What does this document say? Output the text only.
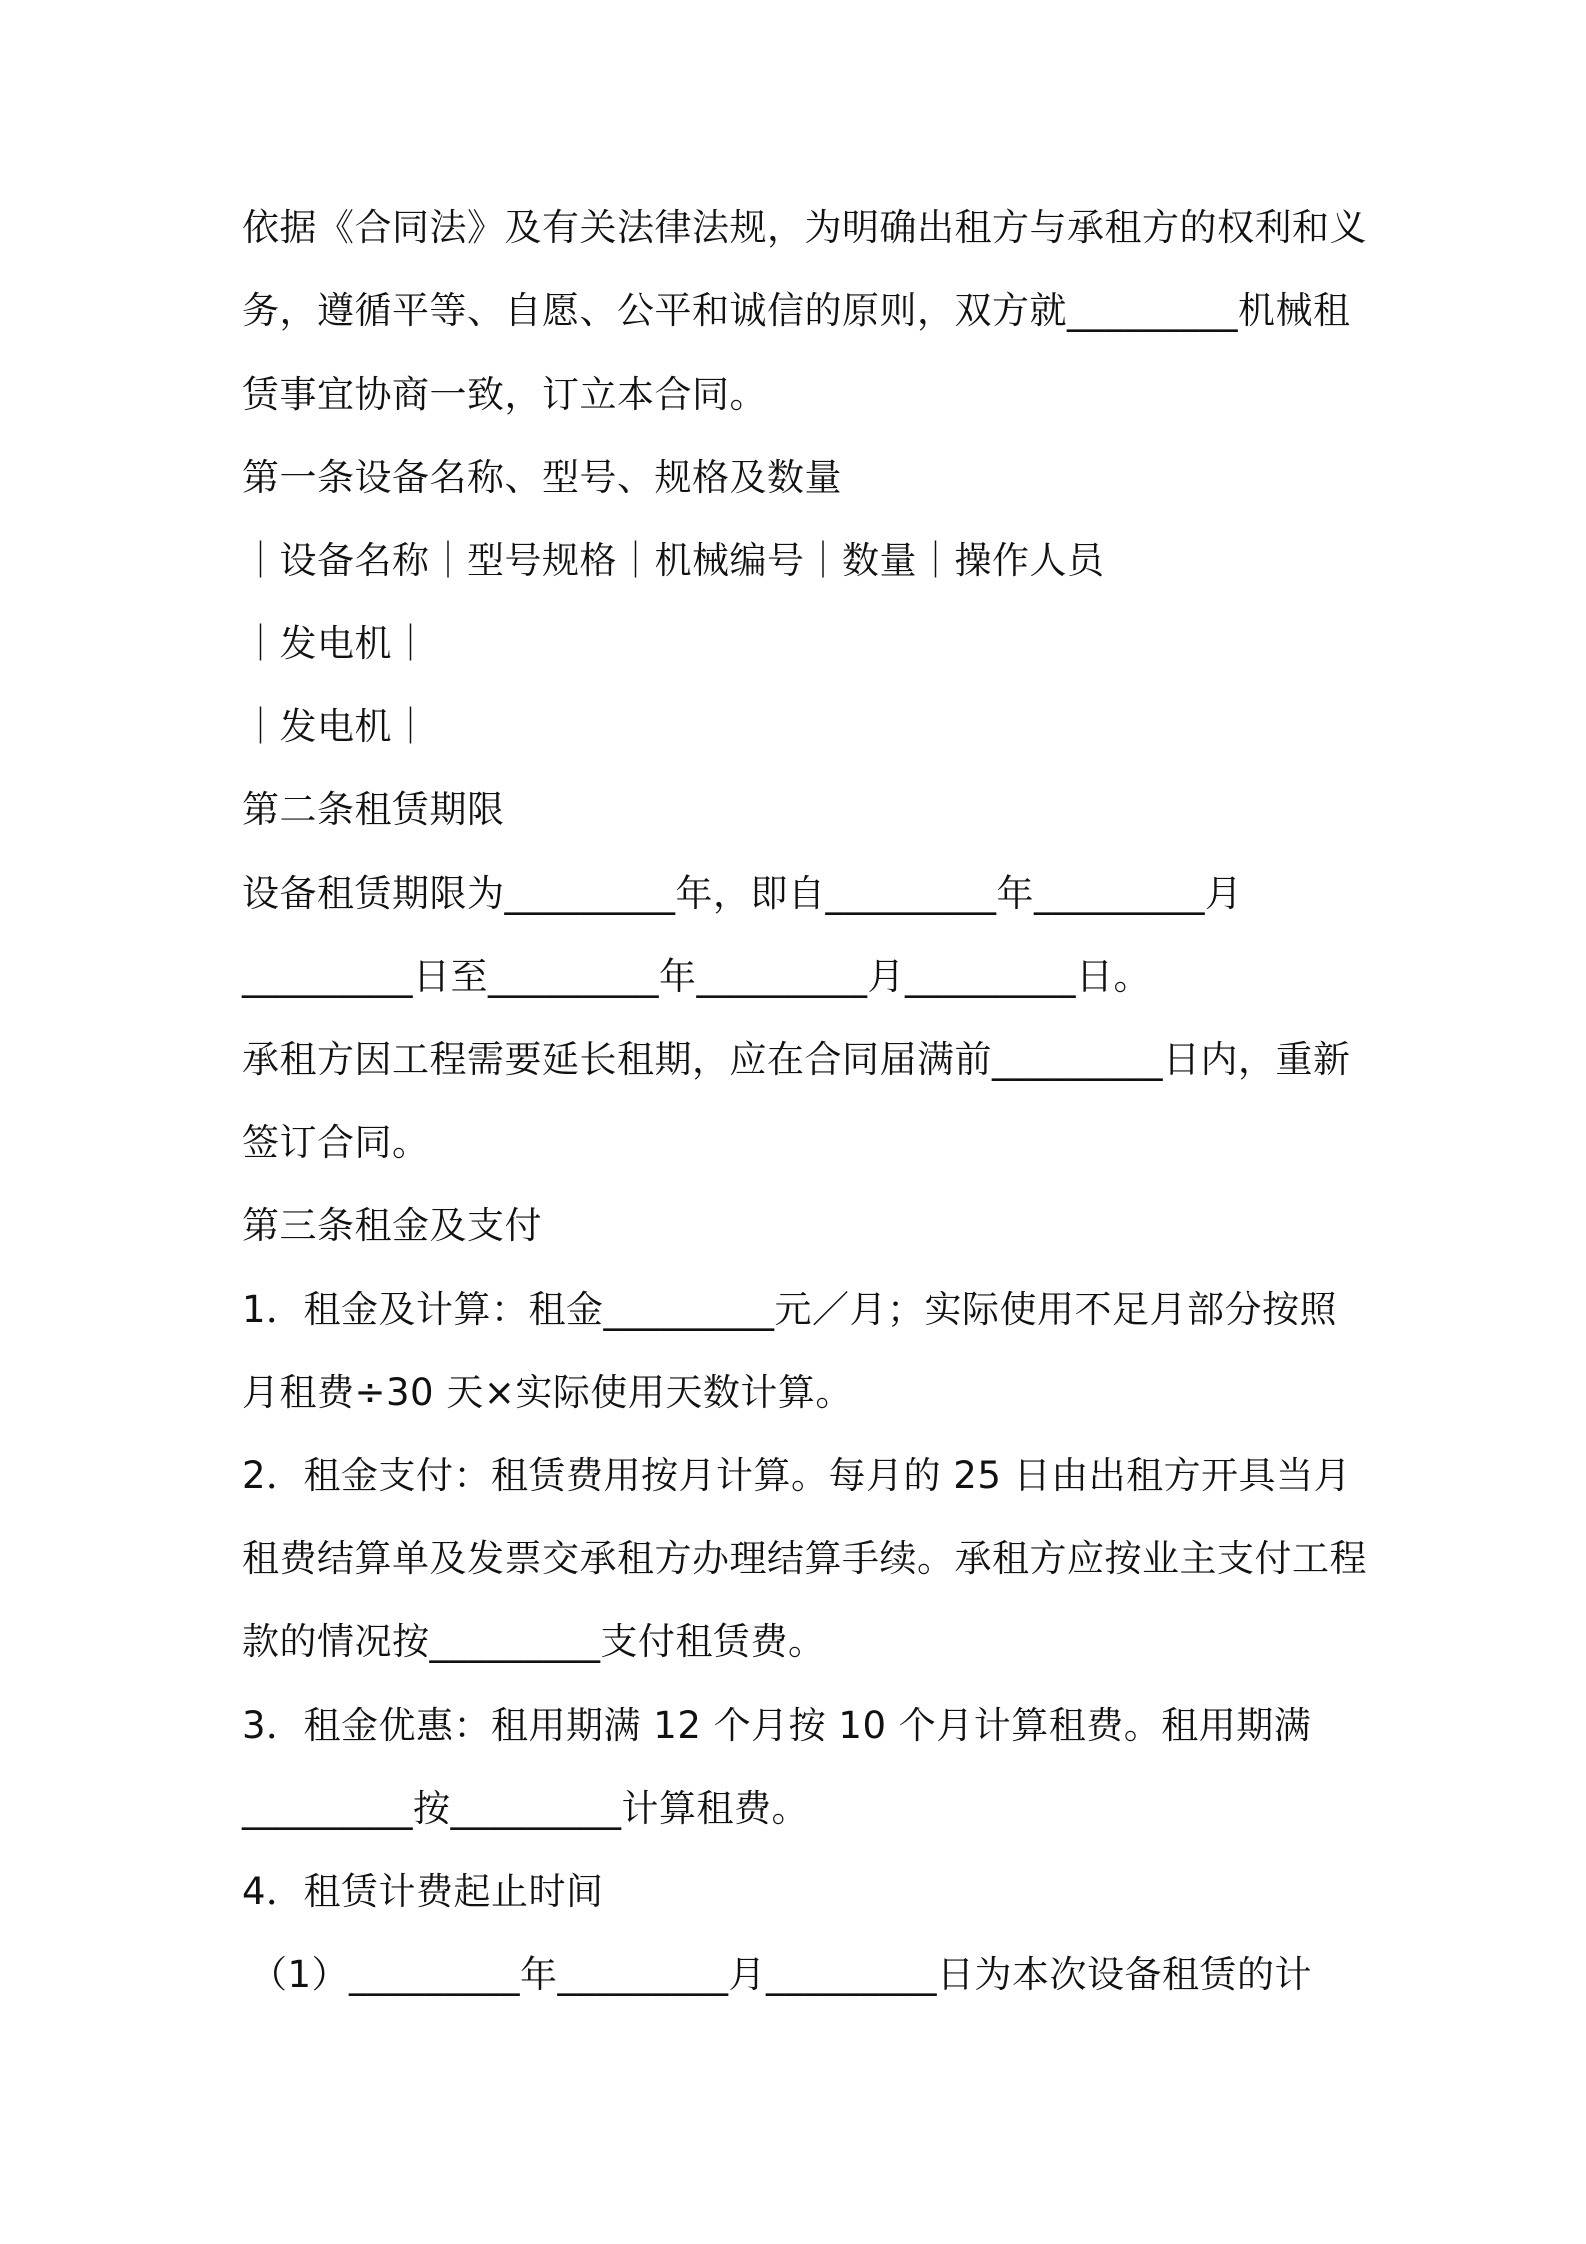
依据《合同法》及有关法律法规，为明确出租方与承租方的权利和义
务，遵循平等、自愿、公平和诚信的原则，双方就_________机械租
赁事宜协商一致，订立本合同。
第一条设备名称、型号、规格及数量
｜设备名称｜型号规格｜机械编号｜数量｜操作人员
｜发电机｜
｜发电机｜
第二条租赁期限
设备租赁期限为_________年，即自_________年_________月
_________日至_________年_________月_________日。
承租方因工程需要延长租期，应在合同届满前_________日内，重新
签订合同。
第三条租金及支付
1．租金及计算：租金_________元／月；实际使用不足月部分按照
月租费÷30 天×实际使用天数计算。
2．租金支付：租赁费用按月计算。每月的 25 日由出租方开具当月
租费结算单及发票交承租方办理结算手续。承租方应按业主支付工程
款的情况按_________支付租赁费。
3．租金优惠：租用期满 12 个月按 10 个月计算租费。租用期满
_________按_________计算租费。
4．租赁计费起止时间
（1）_________年_________月_________日为本次设备租赁的计
